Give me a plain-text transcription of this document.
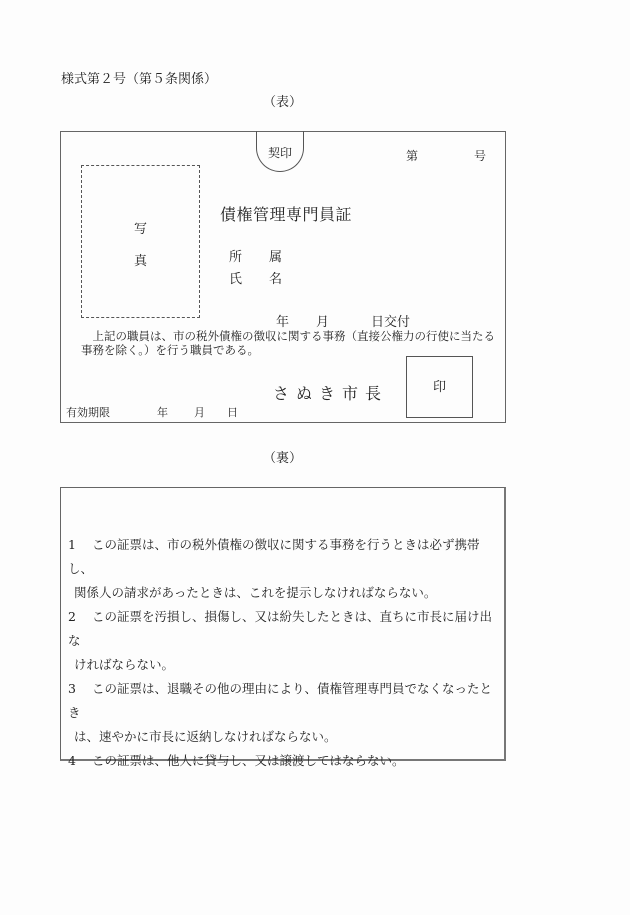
様式第２号（第５条関係）
（表）
契印	第	号
写
真
債権管理専門員証
所 属
氏 名
年 月	日交付
　上記の職員は、市の税外債権の徴収に関する事務（直接公権力の行使に当たる事務を除く。）を行う職員である。
さぬき市長	印
有効期限	年 月 日
（裏）
1 この証票は、市の税外債権の徴収に関する事務を行うときは必ず携帯し、
関係人の請求があったときは、これを提示しなければならない。
2 この証票を汚損し、損傷し、又は紛失したときは、直ちに市長に届け出な
ければならない。
3 この証票は、退職その他の理由により、債権管理専門員でなくなったとき
は、速やかに市長に返納しなければならない。
4 この証票は、他人に貸与し、又は譲渡してはならない。
